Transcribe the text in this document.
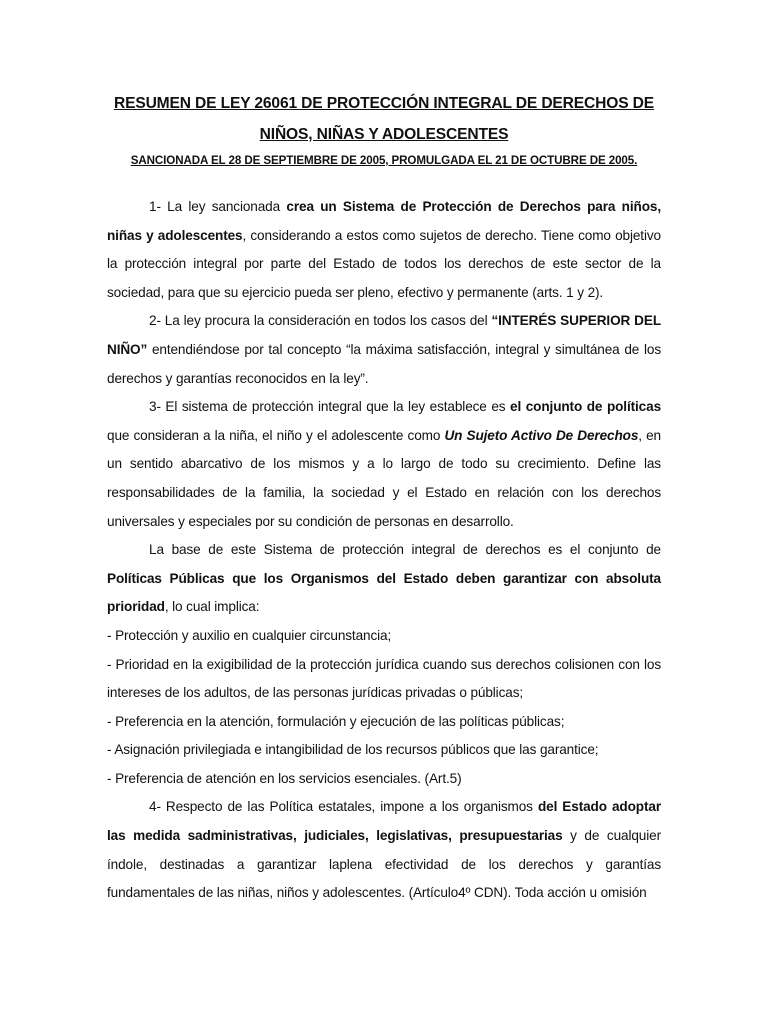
RESUMEN DE LEY 26061 DE PROTECCIÓN INTEGRAL DE DERECHOS DE
NIÑOS, NIÑAS Y ADOLESCENTES

SANCIONADA EL 28 DE SEPTIEMBRE DE 2005, PROMULGADA EL 21 DE OCTUBRE DE 2005.

1- La ley sancionada crea un Sistema de Protección de Derechos para niños, niñas y adolescentes, considerando a estos como sujetos de derecho. Tiene como objetivo la protección integral por parte del Estado de todos los derechos de este sector de la sociedad, para que su ejercicio pueda ser pleno, efectivo y permanente (arts. 1 y 2).

2- La ley procura la consideración en todos los casos del “INTERÉS SUPERIOR DEL NIÑO” entendiéndose por tal concepto “la máxima satisfacción, integral y simultánea de los derechos y garantías reconocidos en la ley”.

3- El sistema de protección integral que la ley establece es el conjunto de políticas que consideran a la niña, el niño y el adolescente como Un Sujeto Activo De Derechos, en un sentido abarcativo de los mismos y a lo largo de todo su crecimiento. Define las responsabilidades de la familia, la sociedad y el Estado en relación con los derechos universales y especiales por su condición de personas en desarrollo.

La base de este Sistema de protección integral de derechos es el conjunto de Políticas Públicas que los Organismos del Estado deben garantizar con absoluta prioridad, lo cual implica:

- Protección y auxilio en cualquier circunstancia;
- Prioridad en la exigibilidad de la protección jurídica cuando sus derechos colisionen con los intereses de los adultos, de las personas jurídicas privadas o públicas;
- Preferencia en la atención, formulación y ejecución de las políticas públicas;
- Asignación privilegiada e intangibilidad de los recursos públicos que las garantice;
- Preferencia de atención en los servicios esenciales. (Art.5)

4- Respecto de las Política estatales, impone a los organismos del Estado adoptar las medida sadministrativas, judiciales, legislativas, presupuestarias y de cualquier índole, destinadas a garantizar laplena efectividad de los derechos y garantías fundamentales de las niñas, niños y adolescentes. (Artículo4º CDN). Toda acción u omisión
